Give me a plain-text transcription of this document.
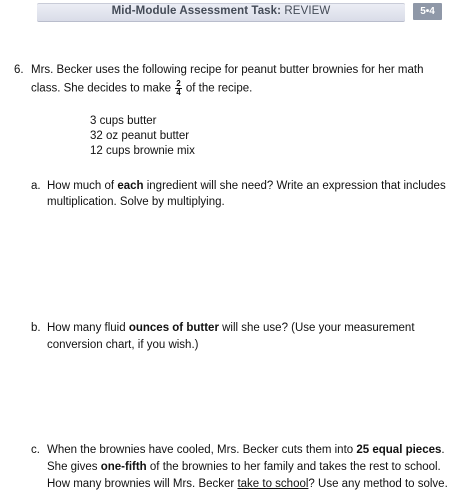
Mid-Module Assessment Task: REVIEW	5•4
6. Mrs. Becker uses the following recipe for peanut butter brownies for her math
class. She decides to make $\frac{2}{4}$ of the recipe.
3 cups butter
32 oz peanut butter
12 cups brownie mix
a. How much of each ingredient will she need? Write an expression that includes
multiplication. Solve by multiplying.
b. How many fluid ounces of butter will she use? (Use your measurement
conversion chart, if you wish.)
c. When the brownies have cooled, Mrs. Becker cuts them into 25 equal pieces.
She gives one-fifth of the brownies to her family and takes the rest to school.
How many brownies will Mrs. Becker take to school? Use any method to solve.
